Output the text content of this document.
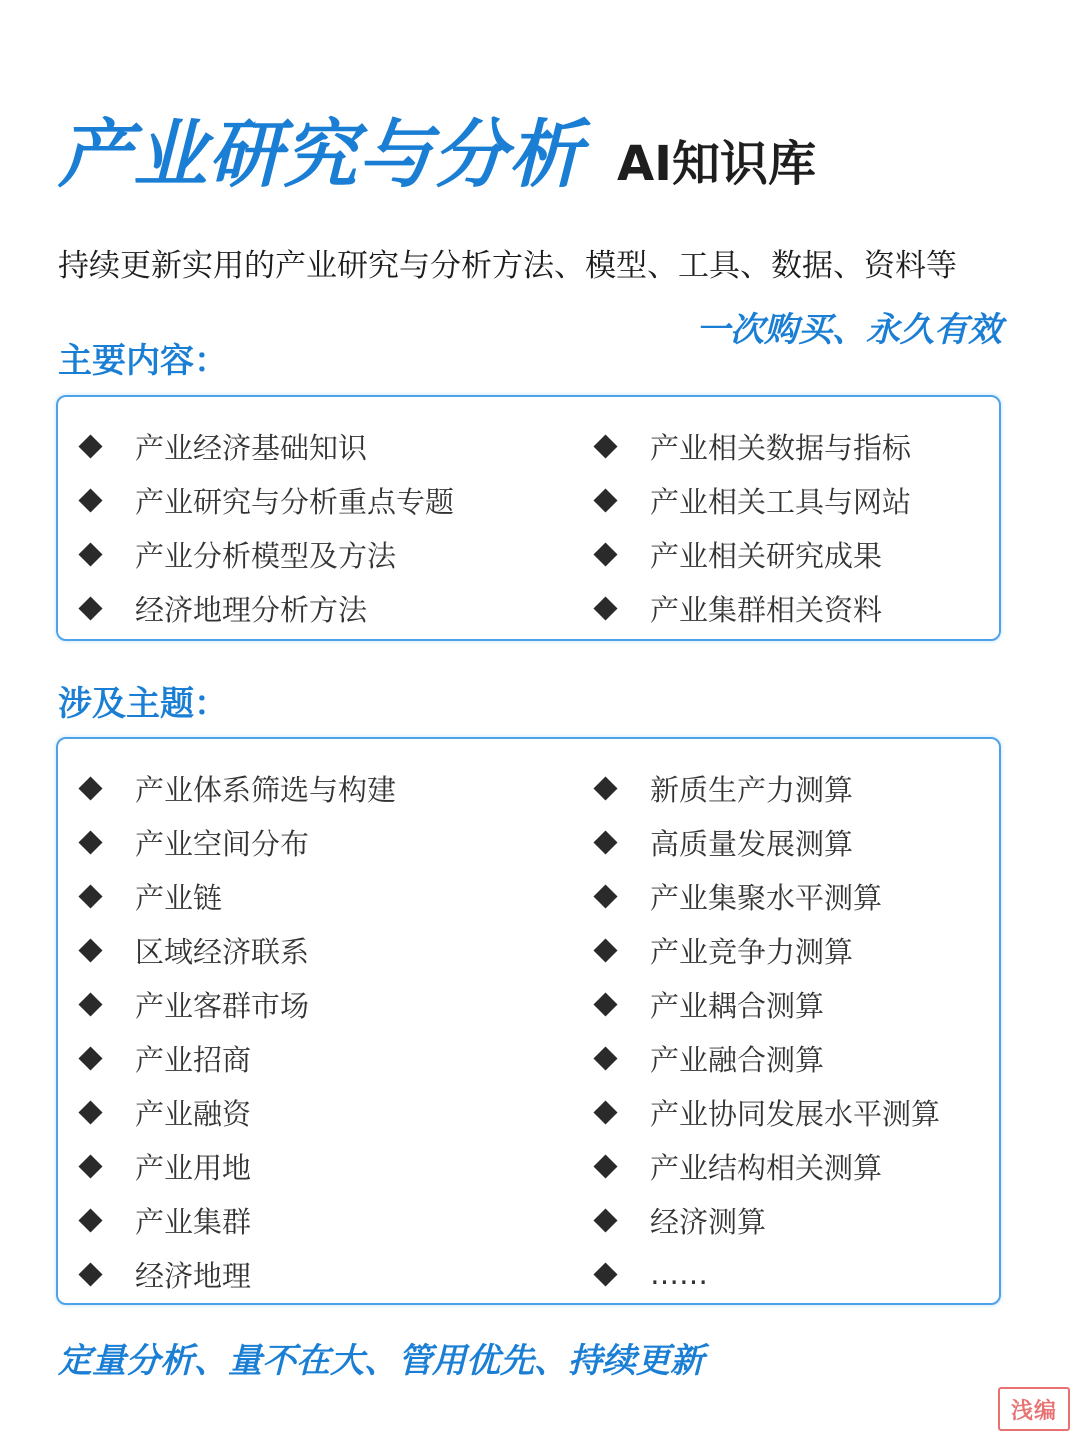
产业研究与分析 AI知识库
持续更新实用的产业研究与分析方法、模型、工具、数据、资料等
一次购买、永久有效
主要内容：
产业经济基础知识
产业研究与分析重点专题
产业分析模型及方法
经济地理分析方法
产业相关数据与指标
产业相关工具与网站
产业相关研究成果
产业集群相关资料
涉及主题：
产业体系筛选与构建
产业空间分布
产业链
区域经济联系
产业客群市场
产业招商
产业融资
产业用地
产业集群
经济地理
新质生产力测算
高质量发展测算
产业集聚水平测算
产业竞争力测算
产业耦合测算
产业融合测算
产业协同发展水平测算
产业结构相关测算
经济测算
……
定量分析、量不在大、管用优先、持续更新
浅编
